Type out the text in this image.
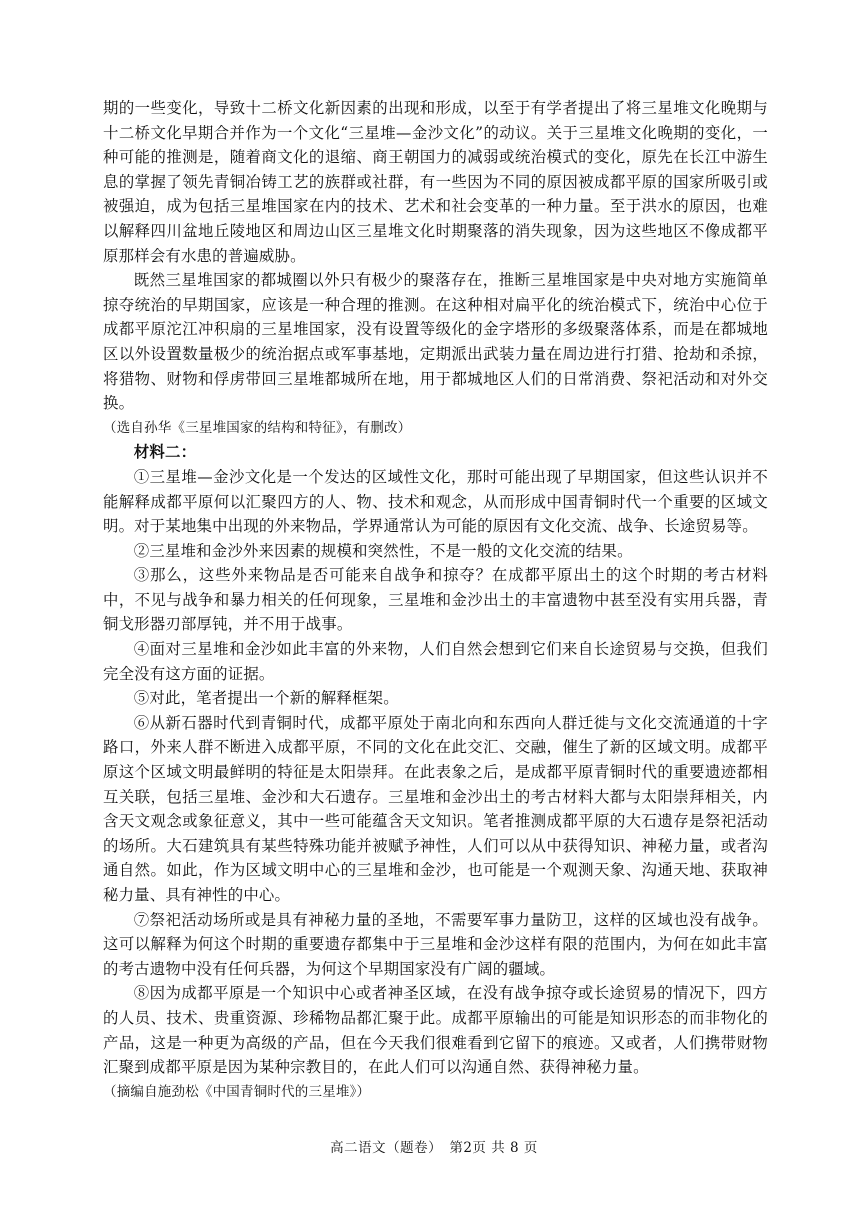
期的一些变化，导致十二桥文化新因素的出现和形成，以至于有学者提出了将三星堆文化晚期与十二桥文化早期合并作为一个文化“三星堆—金沙文化”的动议。关于三星堆文化晚期的变化，一种可能的推测是，随着商文化的退缩、商王朝国力的减弱或统治模式的变化，原先在长江中游生息的掌握了领先青铜冶铸工艺的族群或社群，有一些因为不同的原因被成都平原的国家所吸引或被强迫，成为包括三星堆国家在内的技术、艺术和社会变革的一种力量。至于洪水的原因，也难以解释四川盆地丘陵地区和周边山区三星堆文化时期聚落的消失现象，因为这些地区不像成都平原那样会有水患的普遍威胁。

既然三星堆国家的都城圈以外只有极少的聚落存在，推断三星堆国家是中央对地方实施简单掠夺统治的早期国家，应该是一种合理的推测。在这种相对扁平化的统治模式下，统治中心位于成都平原沱江冲积扇的三星堆国家，没有设置等级化的金字塔形的多级聚落体系，而是在都城地区以外设置数量极少的统治据点或军事基地，定期派出武装力量在周边进行打猎、抢劫和杀掠，将猎物、财物和俘虏带回三星堆都城所在地，用于都城地区人们的日常消费、祭祀活动和对外交换。

（选自孙华《三星堆国家的结构和特征》，有删改）

材料二：

①三星堆—金沙文化是一个发达的区域性文化，那时可能出现了早期国家，但这些认识并不能解释成都平原何以汇聚四方的人、物、技术和观念，从而形成中国青铜时代一个重要的区域文明。对于某地集中出现的外来物品，学界通常认为可能的原因有文化交流、战争、长途贸易等。

②三星堆和金沙外来因素的规模和突然性，不是一般的文化交流的结果。

③那么，这些外来物品是否可能来自战争和掠夺？在成都平原出土的这个时期的考古材料中，不见与战争和暴力相关的任何现象，三星堆和金沙出土的丰富遗物中甚至没有实用兵器，青铜戈形器刃部厚钝，并不用于战事。

④面对三星堆和金沙如此丰富的外来物，人们自然会想到它们来自长途贸易与交换，但我们完全没有这方面的证据。

⑤对此，笔者提出一个新的解释框架。

⑥从新石器时代到青铜时代，成都平原处于南北向和东西向人群迁徙与文化交流通道的十字路口，外来人群不断进入成都平原，不同的文化在此交汇、交融，催生了新的区域文明。成都平原这个区域文明最鲜明的特征是太阳崇拜。在此表象之后，是成都平原青铜时代的重要遗迹都相互关联，包括三星堆、金沙和大石遗存。三星堆和金沙出土的考古材料大都与太阳崇拜相关，内含天文观念或象征意义，其中一些可能蕴含天文知识。笔者推测成都平原的大石遗存是祭祀活动的场所。大石建筑具有某些特殊功能并被赋予神性，人们可以从中获得知识、神秘力量，或者沟通自然。如此，作为区域文明中心的三星堆和金沙，也可能是一个观测天象、沟通天地、获取神秘力量、具有神性的中心。

⑦祭祀活动场所或是具有神秘力量的圣地，不需要军事力量防卫，这样的区域也没有战争。这可以解释为何这个时期的重要遗存都集中于三星堆和金沙这样有限的范围内，为何在如此丰富的考古遗物中没有任何兵器，为何这个早期国家没有广阔的疆域。

⑧因为成都平原是一个知识中心或者神圣区域，在没有战争掠夺或长途贸易的情况下，四方的人员、技术、贵重资源、珍稀物品都汇聚于此。成都平原输出的可能是知识形态的而非物化的产品，这是一种更为高级的产品，但在今天我们很难看到它留下的痕迹。又或者，人们携带财物汇聚到成都平原是因为某种宗教目的，在此人们可以沟通自然、获得神秘力量。

（摘编自施劲松《中国青铜时代的三星堆》）

高二语文（题卷）　第2页 共 8 页
